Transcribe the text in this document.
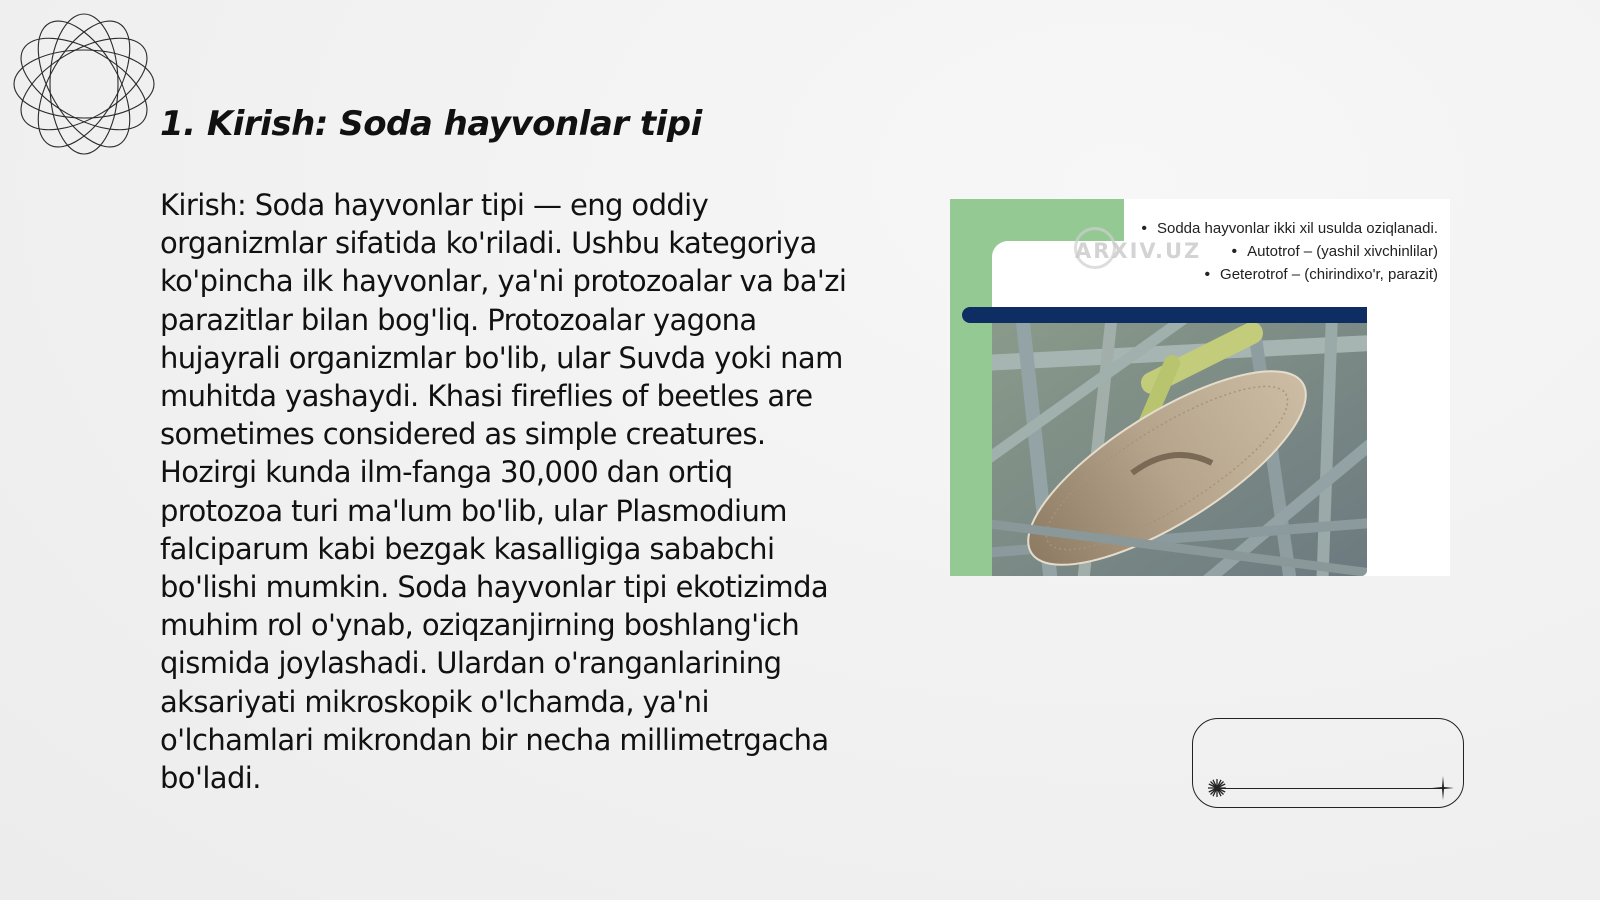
1. Kirish: Soda hayvonlar tipi

Kirish: Soda hayvonlar tipi — eng oddiy organizmlar sifatida ko'riladi. Ushbu kategoriya ko'pincha ilk hayvonlar, ya'ni protozoalar va ba'zi parazitlar bilan bog'liq. Protozoalar yagona hujayrali organizmlar bo'lib, ular Suvda yoki nam muhitda yashaydi. Khasi fireflies of beetles are sometimes considered as simple creatures. Hozirgi kunda ilm-fanga 30,000 dan ortiq protozoa turi ma'lum bo'lib, ular Plasmodium falciparum kabi bezgak kasalligiga sababchi bo'lishi mumkin. Soda hayvonlar tipi ekotizimda muhim rol o'ynab, oziqzanjirning boshlang'ich qismida joylashadi. Ulardan o'ranganlarining aksariyati mikroskopik o'lchamda, ya'ni o'lchamlari mikrondan bir necha millimetrgacha bo'ladi.

ARXIV.UZ
• Sodda hayvonlar ikki xil usulda oziqlanadi.
• Autotrof – (yashil xivchinlilar)
• Geterotrof – (chirindixo'r, parazit)
